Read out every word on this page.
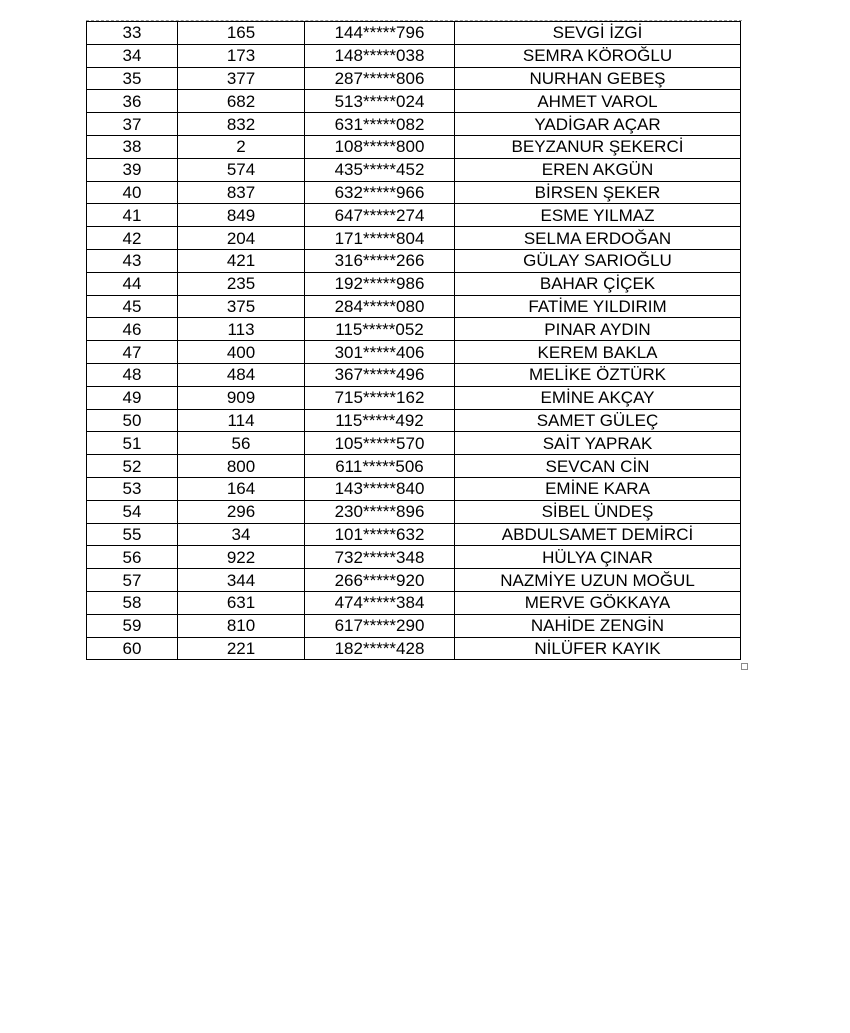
33	165	144*****796	SEVGİ İZGİ
34	173	148*****038	SEMRA KÖROĞLU
35	377	287*****806	NURHAN GEBEŞ
36	682	513*****024	AHMET VAROL
37	832	631*****082	YADİGAR AÇAR
38	2	108*****800	BEYZANUR ŞEKERCİ
39	574	435*****452	EREN AKGÜN
40	837	632*****966	BİRSEN ŞEKER
41	849	647*****274	ESME YILMAZ
42	204	171*****804	SELMA ERDOĞAN
43	421	316*****266	GÜLAY SARIOĞLU
44	235	192*****986	BAHAR ÇİÇEK
45	375	284*****080	FATİME YILDIRIM
46	113	115*****052	PINAR AYDIN
47	400	301*****406	KEREM BAKLA
48	484	367*****496	MELİKE ÖZTÜRK
49	909	715*****162	EMİNE AKÇAY
50	114	115*****492	SAMET GÜLEÇ
51	56	105*****570	SAİT YAPRAK
52	800	611*****506	SEVCAN CİN
53	164	143*****840	EMİNE KARA
54	296	230*****896	SİBEL ÜNDEŞ
55	34	101*****632	ABDULSAMET DEMİRCİ
56	922	732*****348	HÜLYA ÇINAR
57	344	266*****920	NAZMİYE UZUN MOĞUL
58	631	474*****384	MERVE GÖKKAYA
59	810	617*****290	NAHİDE ZENGİN
60	221	182*****428	NİLÜFER KAYIK
